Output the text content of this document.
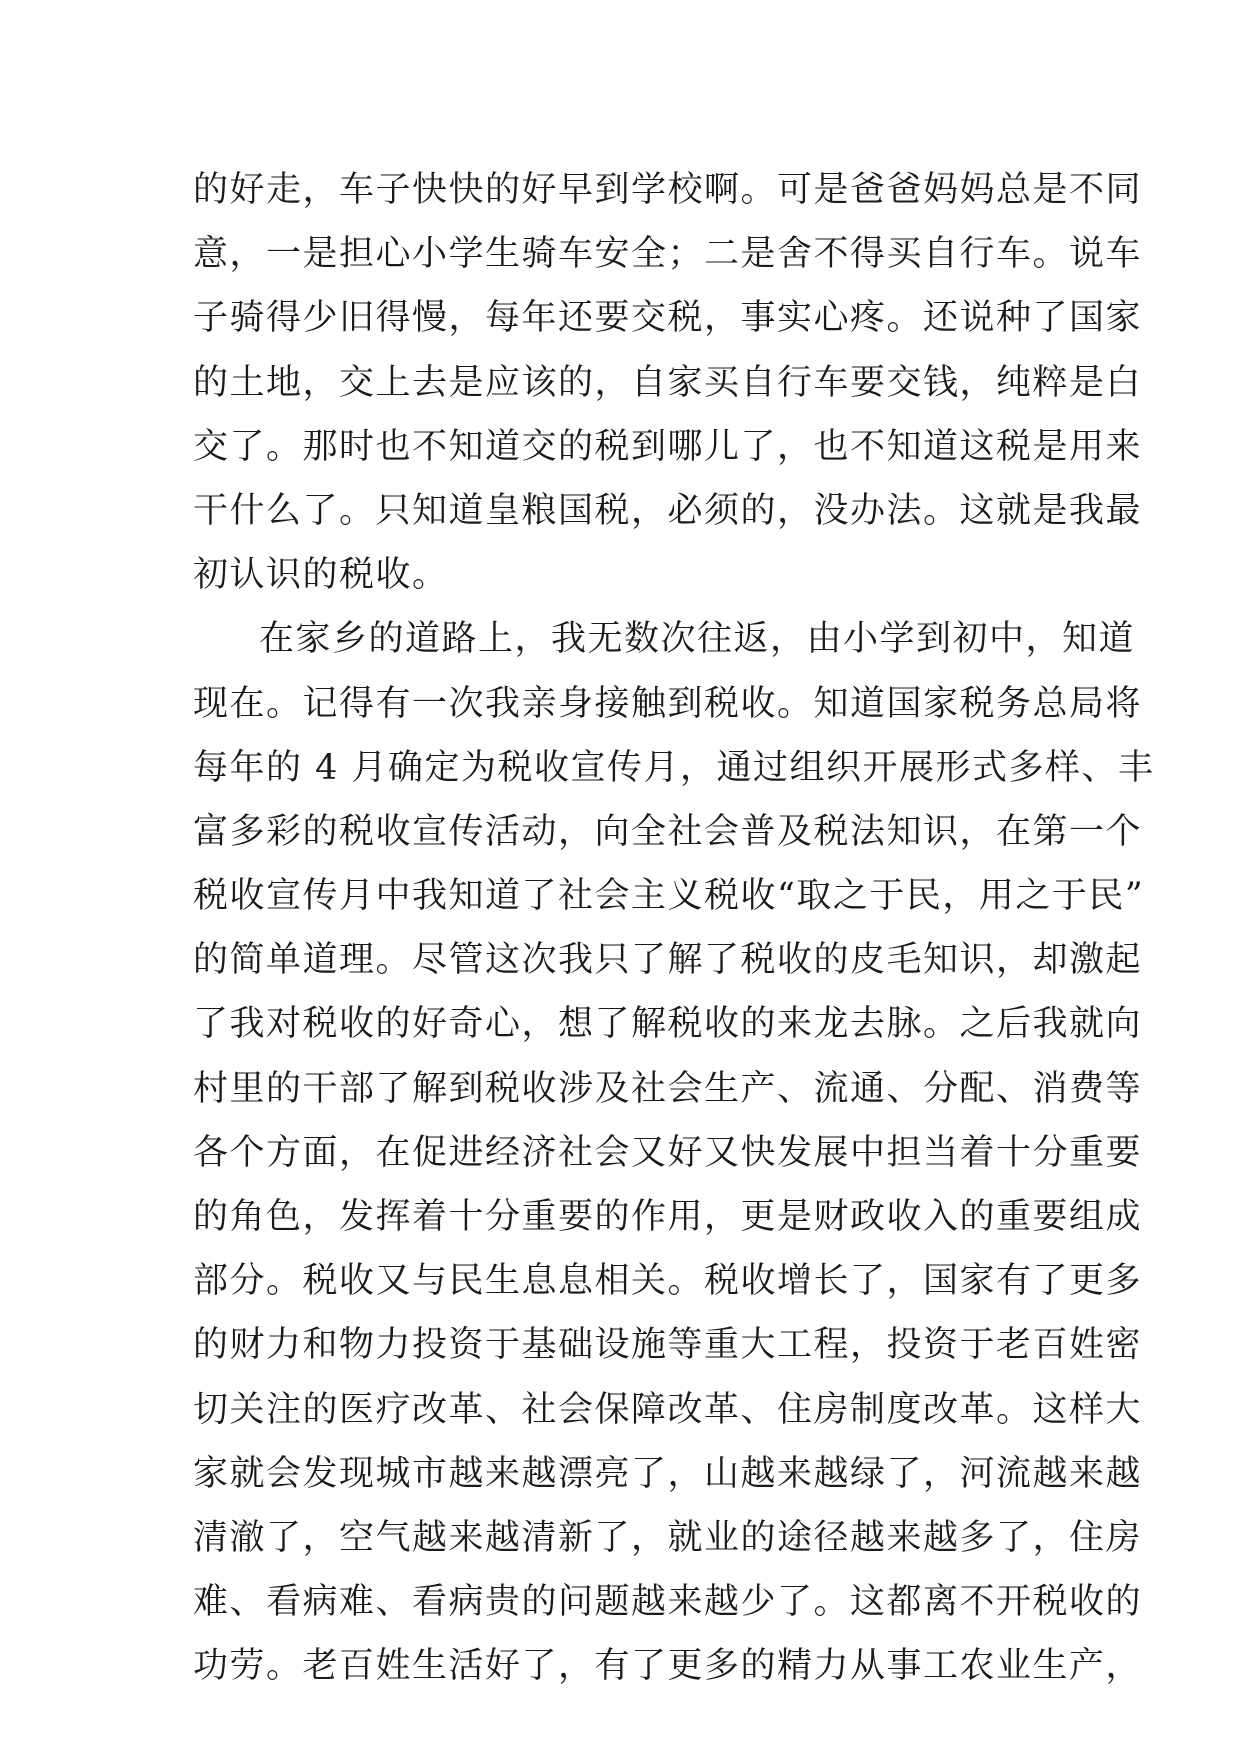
的好走，车子快快的好早到学校啊。可是爸爸妈妈总是不同
意，一是担心小学生骑车安全；二是舍不得买自行车。说车
子骑得少旧得慢，每年还要交税，事实心疼。还说种了国家
的土地，交上去是应该的，自家买自行车要交钱，纯粹是白
交了。那时也不知道交的税到哪儿了，也不知道这税是用来
干什么了。只知道皇粮国税，必须的，没办法。这就是我最
初认识的税收。
在家乡的道路上，我无数次往返，由小学到初中，知道
现在。记得有一次我亲身接触到税收。知道国家税务总局将
每年的 4 月确定为税收宣传月，通过组织开展形式多样、丰
富多彩的税收宣传活动，向全社会普及税法知识，在第一个
税收宣传月中我知道了社会主义税收“取之于民，用之于民”
的简单道理。尽管这次我只了解了税收的皮毛知识，却激起
了我对税收的好奇心，想了解税收的来龙去脉。之后我就向
村里的干部了解到税收涉及社会生产、流通、分配、消费等
各个方面，在促进经济社会又好又快发展中担当着十分重要
的角色，发挥着十分重要的作用，更是财政收入的重要组成
部分。税收又与民生息息相关。税收增长了，国家有了更多
的财力和物力投资于基础设施等重大工程，投资于老百姓密
切关注的医疗改革、社会保障改革、住房制度改革。这样大
家就会发现城市越来越漂亮了，山越来越绿了，河流越来越
清澈了，空气越来越清新了，就业的途径越来越多了，住房
难、看病难、看病贵的问题越来越少了。这都离不开税收的
功劳。老百姓生活好了，有了更多的精力从事工农业生产，
